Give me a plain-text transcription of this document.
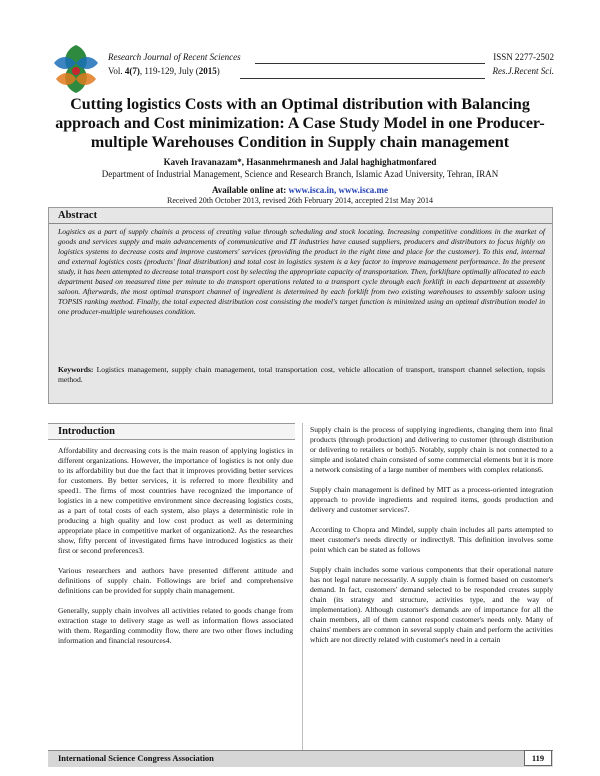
Research Journal of Recent Sciences
Vol. 4(7), 119-129, July (2015)
ISSN 2277-2502
Res.J.Recent Sci.
Cutting logistics Costs with an Optimal distribution with Balancing approach and Cost minimization: A Case Study Model in one Producer-multiple Warehouses Condition in Supply chain management
Kaveh Iravanazam*, Hasanmehrmanesh and Jalal haghighatmonfared
Department of Industrial Management, Science and Research Branch, Islamic Azad University, Tehran, IRAN
Available online at: www.isca.in, www.isca.me
Received 20th October 2013, revised 26th February 2014, accepted 21st May 2014
Abstract
Logistics as a part of supply chainis a process of creating value through scheduling and stock locating. Increasing competitive conditions in the market of goods and services supply and main advancements of communicative and IT industries have caused suppliers, producers and distributors to focus highly on logistics systems to decrease costs and improve customers' services (providing the product in the right time and place for the customer). To this end, internal and external logistics costs (products' final distribution) and total cost in logistics system is a key factor to improve management performance. In the present study, it has been attempted to decrease total transport cost by selecting the appropriate capacity of transportation. Then, forkliftare optimally allocated to each department based on measured time per minute to do transport operations related to a transport cycle through each forklift in each department at assembly saloon. Afterwards, the most optimal transport channel of ingredient is determined by each forklift from two existing warehouses to assembly saloon using TOPSIS ranking method. Finally, the total expected distribution cost consisting the model's target function is minimized using an optimal distribution model in one producer-multiple warehouses condition.
Keywords: Logistics management, supply chain management, total transportation cost, vehicle allocation of transport, transport channel selection, topsis method.
Introduction

Affordability and decreasing cots is the main reason of applying logistics in different organizations. However, the importance of logistics is not only due to its affordability but due the fact that it improves providing better services for customers. By better services, it is referred to more flexibility and speed1. The firms of most countries have recognized the importance of logistics in a new competitive environment since decreasing logistics costs, as a part of total costs of each system, also plays a deterministic role in producing a high quality and low cost product as well as determining appropriate place in competitive market of organization2. As the researches show, fifty percent of investigated firms have introduced logistics as their first or second preferences3.

Various researchers and authors have presented different attitude and definitions of supply chain. Followings are brief and comprehensive definitions can be provided for supply chain management.

Generally, supply chain involves all activities related to goods change from extraction stage to delivery stage as well as information flows associated with them. Regarding commodity flow, there are two other flows including information and financial resources4.

Supply chain is the process of supplying ingredients, changing them into final products (through production) and delivering to customer (through distribution or delivering to retailers or both)5. Notably, supply chain is not connected to a simple and isolated chain consisted of some commercial elements but it is more a network consisting of a large number of members with complex relations6.

Supply chain management is defined by MIT as a process-oriented integration approach to provide ingredients and required items, goods production and delivery and customer services7.

According to Chopra and Mindel, supply chain includes all parts attempted to meet customer's needs directly or indirectly8. This definition involves some point which can be stated as follows

Supply chain includes some various components that their operational nature has not legal nature necessarily. A supply chain is formed based on customer's demand. In fact, customers' demand selected to be responded creates supply chain (its strategy and structure, activities type, and the way of implementation). Although customer's demands are of importance for all the chain members, all of them cannot respond customer's needs only. Many of chains' members are common in several supply chain and perform the activities which are not directly related with customer's need in a certain

International Science Congress Association	119
